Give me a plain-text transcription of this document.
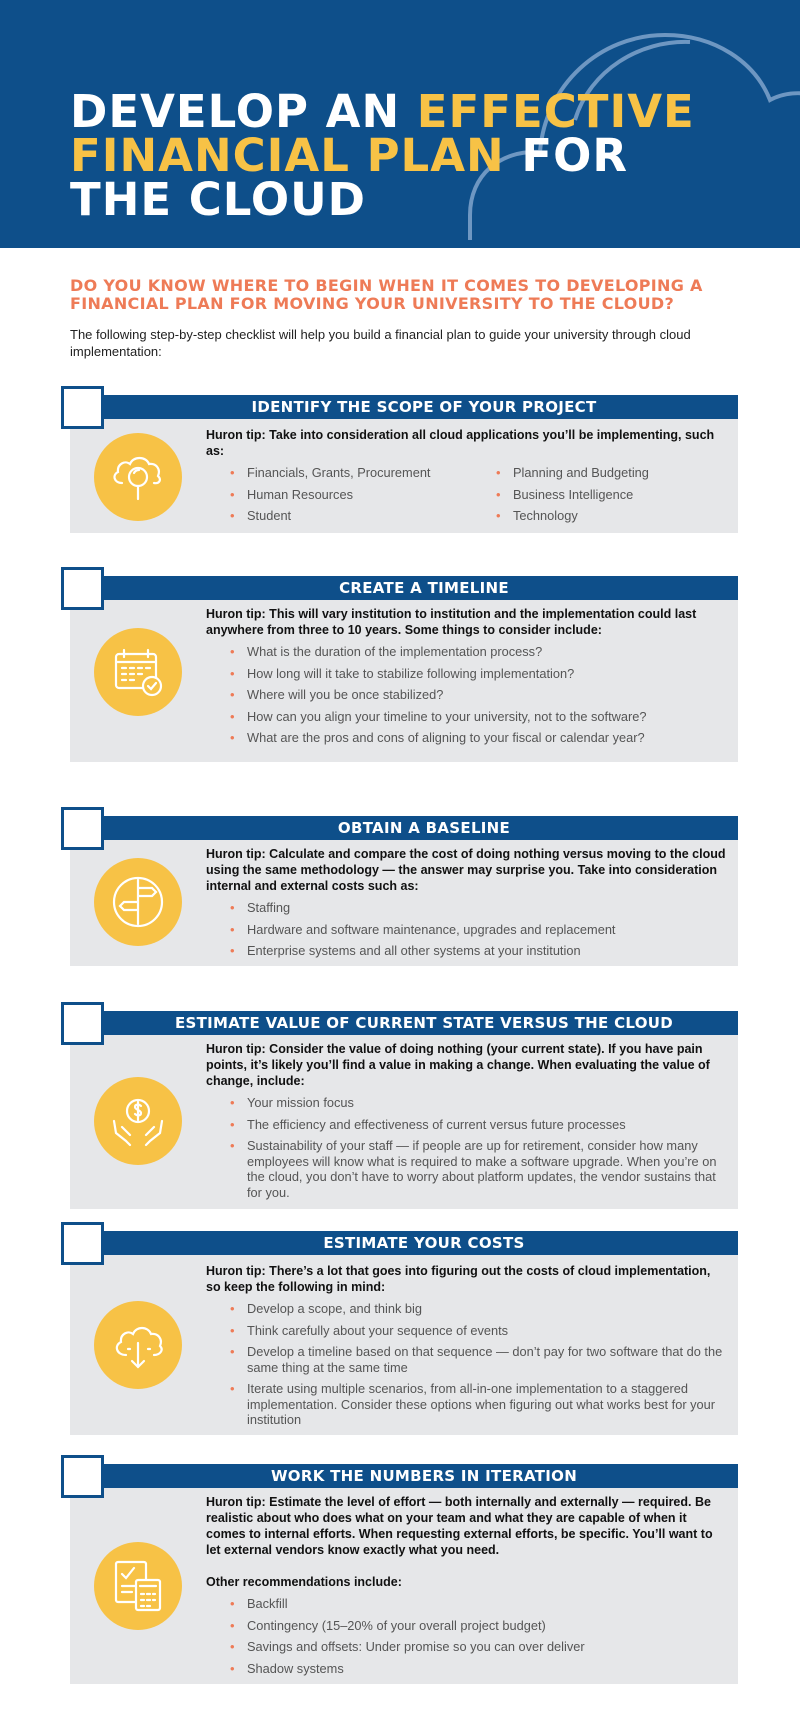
DEVELOP AN EFFECTIVE
FINANCIAL PLAN FOR
THE CLOUD
DO YOU KNOW WHERE TO BEGIN WHEN IT COMES TO DEVELOPING A FINANCIAL PLAN FOR MOVING YOUR UNIVERSITY TO THE CLOUD?
The following step-by-step checklist will help you build a financial plan to guide your university through cloud implementation:
IDENTIFY THE SCOPE OF YOUR PROJECT
Huron tip: Take into consideration all cloud applications you’ll be implementing, such as:
• Financials, Grants, Procurement	• Planning and Budgeting
• Human Resources	• Business Intelligence
• Student	• Technology
CREATE A TIMELINE
Huron tip: This will vary institution to institution and the implementation could last anywhere from three to 10 years. Some things to consider include:
• What is the duration of the implementation process?
• How long will it take to stabilize following implementation?
• Where will you be once stabilized?
• How can you align your timeline to your university, not to the software?
• What are the pros and cons of aligning to your fiscal or calendar year?
OBTAIN A BASELINE
Huron tip: Calculate and compare the cost of doing nothing versus moving to the cloud using the same methodology — the answer may surprise you. Take into consideration internal and external costs such as:
• Staffing
• Hardware and software maintenance, upgrades and replacement
• Enterprise systems and all other systems at your institution
ESTIMATE VALUE OF CURRENT STATE VERSUS THE CLOUD
Huron tip: Consider the value of doing nothing (your current state). If you have pain points, it’s likely you’ll find a value in making a change. When evaluating the value of change, include:
• Your mission focus
• The efficiency and effectiveness of current versus future processes
• Sustainability of your staff — if people are up for retirement, consider how many employees will know what is required to make a software upgrade. When you’re on the cloud, you don’t have to worry about platform updates, the vendor sustains that for you.
ESTIMATE YOUR COSTS
Huron tip: There’s a lot that goes into figuring out the costs of cloud implementation, so keep the following in mind:
• Develop a scope, and think big
• Think carefully about your sequence of events
• Develop a timeline based on that sequence — don’t pay for two software that do the same thing at the same time
• Iterate using multiple scenarios, from all-in-one implementation to a staggered implementation. Consider these options when figuring out what works best for your institution
WORK THE NUMBERS IN ITERATION
Huron tip: Estimate the level of effort — both internally and externally — required. Be realistic about who does what on your team and what they are capable of when it comes to internal efforts. When requesting external efforts, be specific. You’ll want to let external vendors know exactly what you need.
Other recommendations include:
• Backfill
• Contingency (15–20% of your overall project budget)
• Savings and offsets: Under promise so you can over deliver
• Shadow systems
